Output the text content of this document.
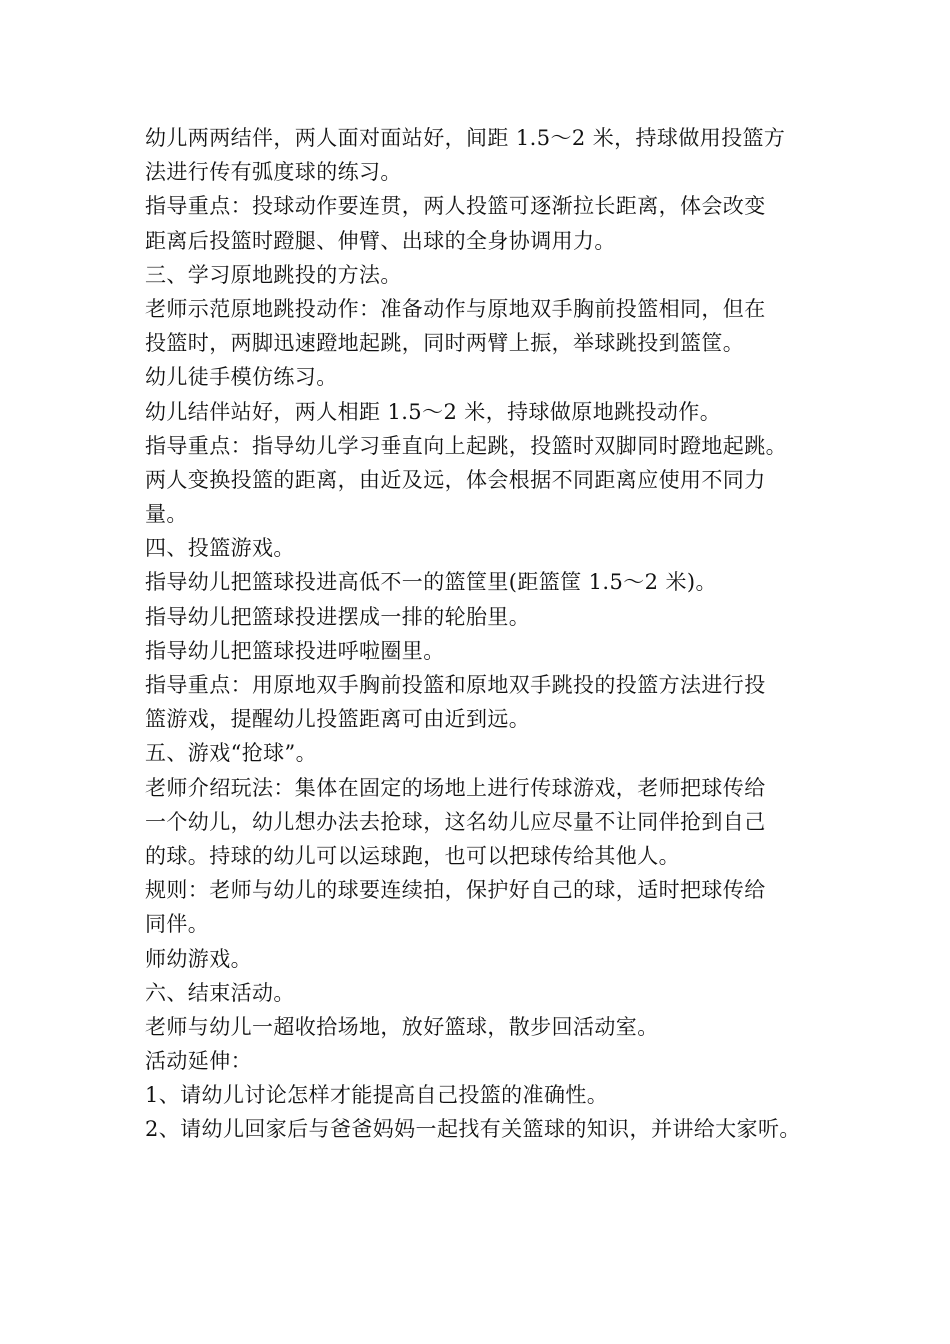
幼儿两两结伴，两人面对面站好，间距 1.5～2 米，持球做用投篮方
法进行传有弧度球的练习。
指导重点：投球动作要连贯，两人投篮可逐渐拉长距离，体会改变
距离后投篮时蹬腿、伸臂、出球的全身协调用力。
三、学习原地跳投的方法。
老师示范原地跳投动作：准备动作与原地双手胸前投篮相同，但在
投篮时，两脚迅速蹬地起跳，同时两臂上振，举球跳投到篮筐。
幼儿徒手模仿练习。
幼儿结伴站好，两人相距 1.5～2 米，持球做原地跳投动作。
指导重点：指导幼儿学习垂直向上起跳，投篮时双脚同时蹬地起跳。
两人变换投篮的距离，由近及远，体会根据不同距离应使用不同力
量。
四、投篮游戏。
指导幼儿把篮球投进高低不一的篮筐里(距篮筐 1.5～2 米)。
指导幼儿把篮球投进摆成一排的轮胎里。
指导幼儿把篮球投进呼啦圈里。
指导重点：用原地双手胸前投篮和原地双手跳投的投篮方法进行投
篮游戏，提醒幼儿投篮距离可由近到远。
五、游戏“抢球”。
老师介绍玩法：集体在固定的场地上进行传球游戏，老师把球传给
一个幼儿，幼儿想办法去抢球，这名幼儿应尽量不让同伴抢到自己
的球。持球的幼儿可以运球跑，也可以把球传给其他人。
规则：老师与幼儿的球要连续拍，保护好自己的球，适时把球传给
同伴。
师幼游戏。
六、结束活动。
老师与幼儿一超收拾场地，放好篮球，散步回活动室。
活动延伸：
1、请幼儿讨论怎样才能提高自己投篮的准确性。
2、请幼儿回家后与爸爸妈妈一起找有关篮球的知识，并讲给大家听。
